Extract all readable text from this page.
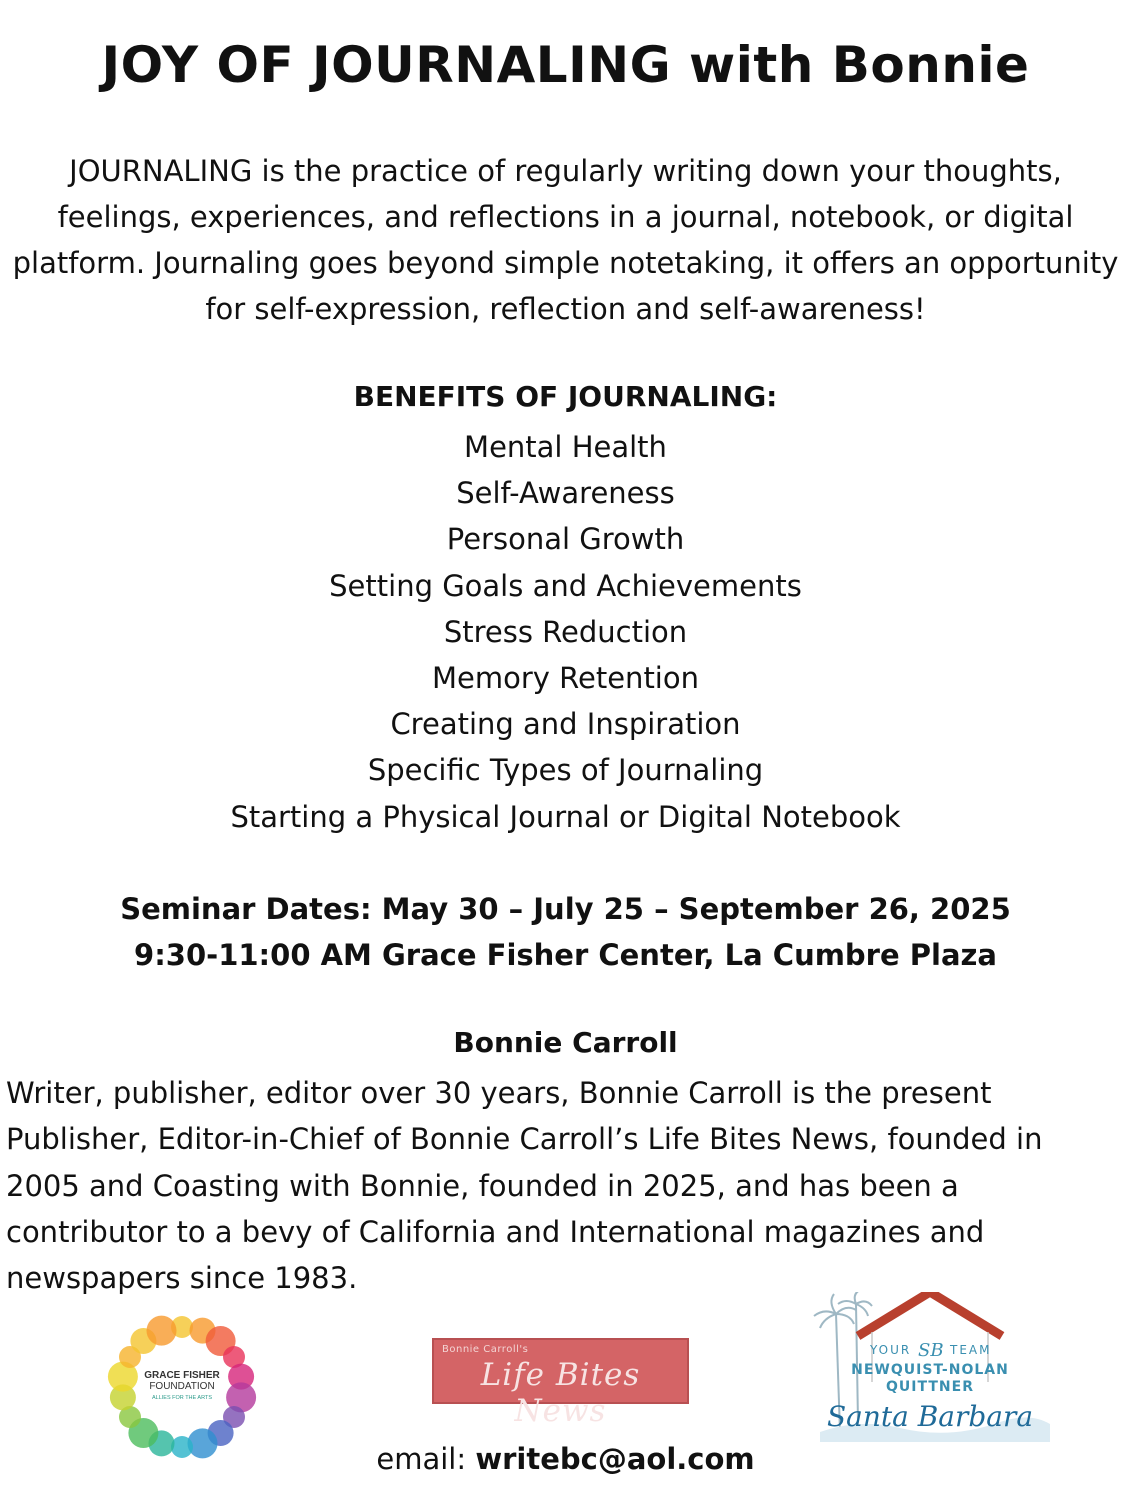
JOY OF JOURNALING with Bonnie
JOURNALING is the practice of regularly writing down your thoughts, feelings, experiences, and reflections in a journal, notebook, or digital platform. Journaling goes beyond simple notetaking, it offers an opportunity for self-expression, reflection and self-awareness!
BENEFITS OF JOURNALING:
Mental Health
Self-Awareness
Personal Growth
Setting Goals and Achievements
Stress Reduction
Memory Retention
Creating and Inspiration
Specific Types of Journaling
Starting a Physical Journal or Digital Notebook
Seminar Dates: May 30 – July 25 – September 26, 2025
9:30-11:00 AM Grace Fisher Center, La Cumbre Plaza
Bonnie Carroll
Writer, publisher, editor over 30 years, Bonnie Carroll is the present Publisher, Editor-in-Chief of Bonnie Carroll’s Life Bites News, founded in 2005 and Coasting with Bonnie, founded in 2025, and has been a contributor to a bevy of California and International magazines and newspapers since 1983.
GRACE FISHER
FOUNDATION
ALLIES FOR THE ARTS
Bonnie Carroll's
Life Bites News
YOUR SB TEAM
NEWQUIST-NOLAN
QUITTNER
Santa Barbara
email: writebc@aol.com
